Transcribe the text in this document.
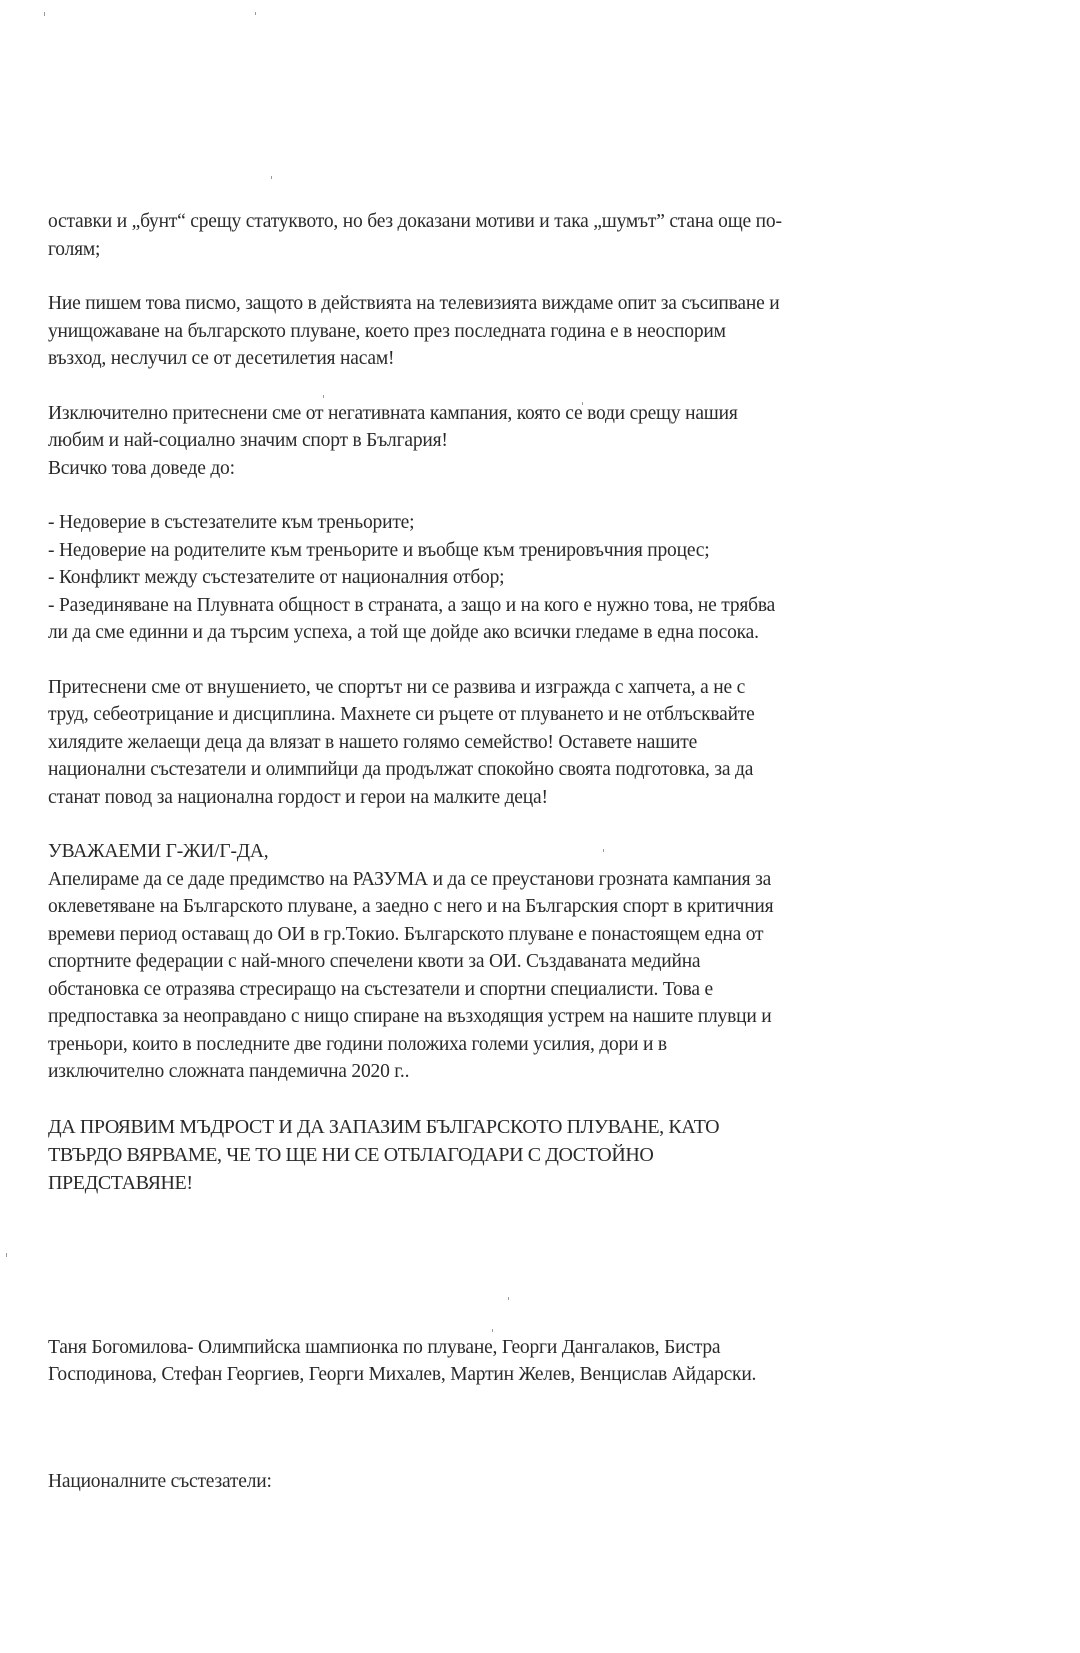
оставки и „бунт“ срещу статуквото, но без доказани мотиви и така „шумът” стана още по-
голям;

Ние пишем това писмо, защото в действията на телевизията виждаме опит за съсипване и
унищожаване на българското плуване, което през последната година е в неоспорим
възход, неслучил се от десетилетия насам!

Изключително притеснени сме от негативната кампания, която се води срещу нашия
любим и най-социално значим спорт в България!
Всичко това доведе до:

- Недоверие в състезателите към треньорите;
- Недоверие на родителите към треньорите и въобще към тренировъчния процес;
- Конфликт между състезателите от националния отбор;
- Разединяване на Плувната общност в страната, а защо и на кого е нужно това, не трябва
ли да сме единни и да търсим успеха, а той ще дойде ако всички гледаме в една посока.

Притеснени сме от внушението, че спортът ни се развива и изгражда с хапчета, а не с
труд, себеотрицание и дисциплина. Махнете си ръцете от плуването и не отблъсквайте
хилядите желаещи деца да влязат в нашето голямо семейство! Оставете нашите
национални състезатели и олимпийци да продължат спокойно своята подготовка, за да
станат повод за национална гордост и герои на малките деца!

УВАЖАЕМИ Г-ЖИ/Г-ДА,
Апелираме да се даде предимство на РАЗУМА и да се преустанови грозната кампания за
оклеветяване на Българското плуване, а заедно с него и на Българския спорт в критичния
времеви период оставащ до ОИ в гр.Токио. Българското плуване е понастоящем една от
спортните федерации с най-много спечелени квоти за ОИ. Създаваната медийна
обстановка се отразява стресиращо на състезатели и спортни специалисти. Това е
предпоставка за неоправдано с нищо спиране на възходящия устрем на нашите плувци и
треньори, които в последните две години положиха големи усилия, дори и в
изключително сложната пандемична 2020 г..

ДА ПРОЯВИМ МЪДРОСТ И ДА ЗАПАЗИМ БЪЛГАРСКОТО ПЛУВАНЕ, КАТО
ТВЪРДО ВЯРВАМЕ, ЧЕ ТО ЩЕ НИ СЕ ОТБЛАГОДАРИ С ДОСТОЙНО
ПРЕДСТАВЯНЕ!

Таня Богомилова- Олимпийска шампионка по плуване, Георги Дангалаков, Бистра
Господинова, Стефан Георгиев, Георги Михалев, Мартин Желев, Венцислав Айдарски.

Националните състезатели:
